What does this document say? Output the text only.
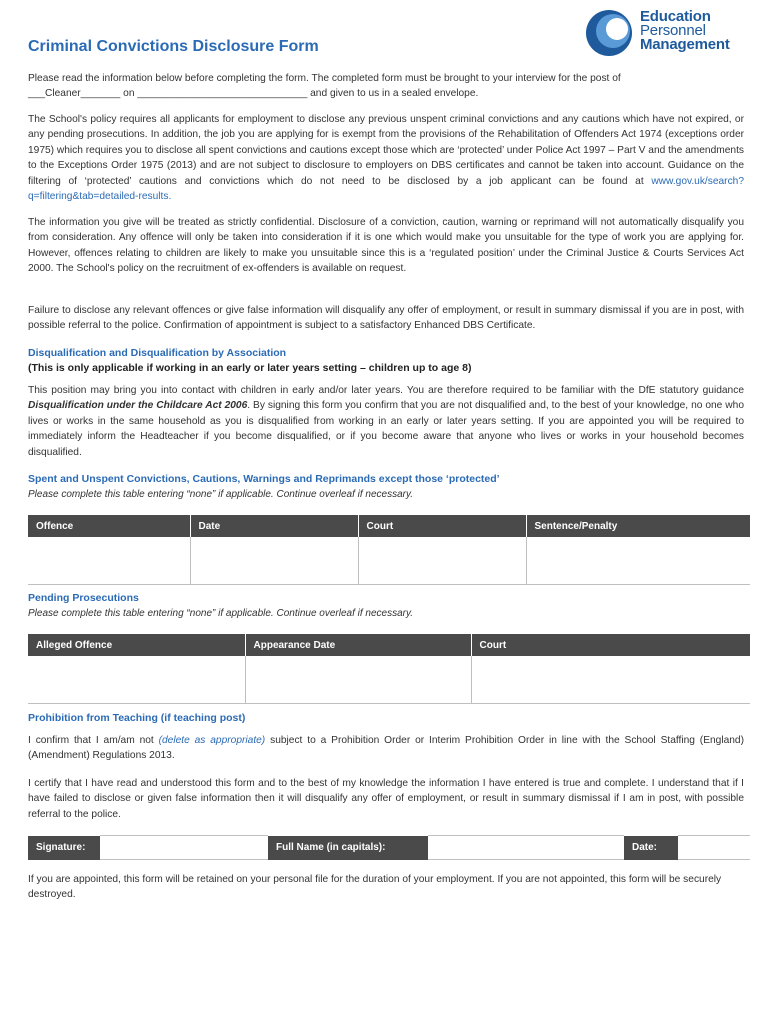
Education
Personnel
Management
Criminal Convictions Disclosure Form
Please read the information below before completing the form. The completed form must be brought to your interview for the post of
___Cleaner_______ on ______________________________ and given to us in a sealed envelope.
The School's policy requires all applicants for employment to disclose any previous unspent criminal convictions and any cautions which have not expired, or any pending prosecutions. In addition, the job you are applying for is exempt from the provisions of the Rehabilitation of Offenders Act 1974 (exceptions order 1975) which requires you to disclose all spent convictions and cautions except those which are ‘protected’ under Police Act 1997 – Part V and the amendments to the Exceptions Order 1975 (2013) and are not subject to disclosure to employers on DBS certificates and cannot be taken into account. Guidance on the filtering of ‘protected’ cautions and convictions which do not need to be disclosed by a job applicant can be found at www.gov.uk/search?q=filtering&tab=detailed-results.
The information you give will be treated as strictly confidential. Disclosure of a conviction, caution, warning or reprimand will not automatically disqualify you from consideration. Any offence will only be taken into consideration if it is one which would make you unsuitable for the type of work you are applying for. However, offences relating to children are likely to make you unsuitable since this is a ‘regulated position’ under the Criminal Justice & Courts Services Act 2000. The School's policy on the recruitment of ex-offenders is available on request.
Failure to disclose any relevant offences or give false information will disqualify any offer of employment, or result in summary dismissal if you are in post, with possible referral to the police. Confirmation of appointment is subject to a satisfactory Enhanced DBS Certificate.
Disqualification and Disqualification by Association
(This is only applicable if working in an early or later years setting – children up to age 8)
This position may bring you into contact with children in early and/or later years. You are therefore required to be familiar with the DfE statutory guidance Disqualification under the Childcare Act 2006. By signing this form you confirm that you are not disqualified and, to the best of your knowledge, no one who lives or works in the same household as you is disqualified from working in an early or later years setting. If you are appointed you will be required to immediately inform the Headteacher if you become disqualified, or if you become aware that anyone who lives or works in your household becomes disqualified.
Spent and Unspent Convictions, Cautions, Warnings and Reprimands except those ‘protected’
Please complete this table entering “none” if applicable. Continue overleaf if necessary.
Offence	Date	Court	Sentence/Penalty

Pending Prosecutions
Please complete this table entering “none” if applicable. Continue overleaf if necessary.
Alleged Offence	Appearance Date	Court

Prohibition from Teaching (if teaching post)
I confirm that I am/am not (delete as appropriate) subject to a Prohibition Order or Interim Prohibition Order in line with the School Staffing (England) (Amendment) Regulations 2013.
I certify that I have read and understood this form and to the best of my knowledge the information I have entered is true and complete. I understand that if I have failed to disclose or given false information then it will disqualify any offer of employment, or result in summary dismissal if I am in post, with possible referral to the police.
Signature:		Full Name (in capitals):		Date:	
If you are appointed, this form will be retained on your personal file for the duration of your employment. If you are not appointed, this form will be securely destroyed.
